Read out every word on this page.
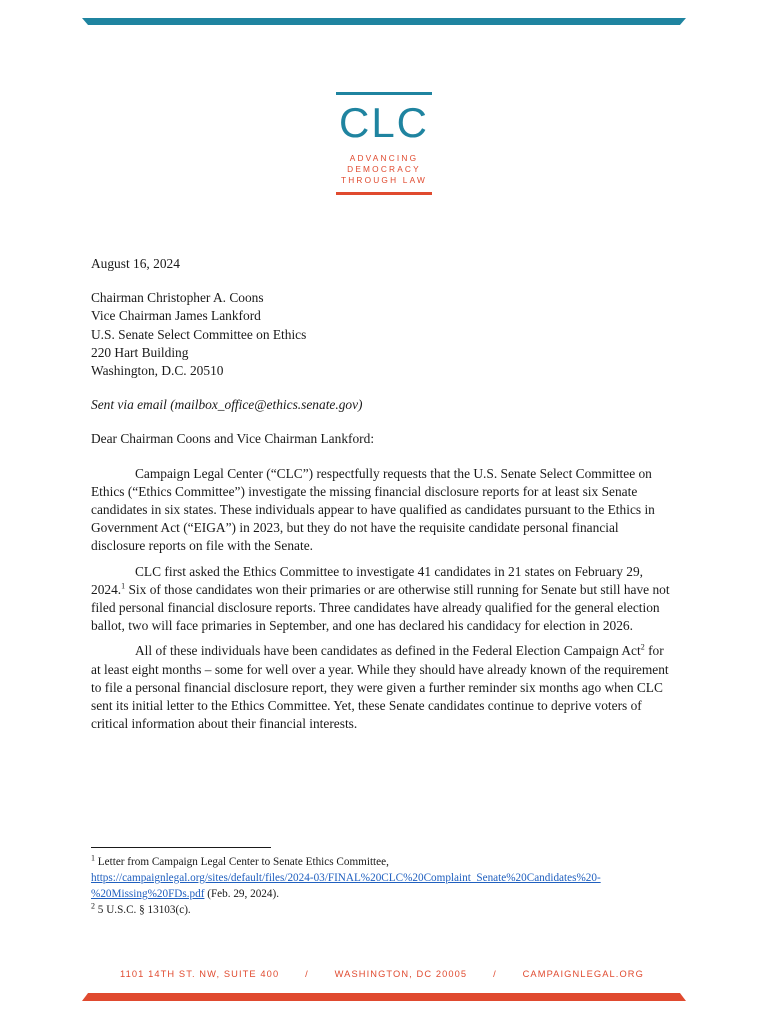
CLC
ADVANCING
DEMOCRACY
THROUGH LAW

August 16, 2024

Chairman Christopher A. Coons
Vice Chairman James Lankford
U.S. Senate Select Committee on Ethics
220 Hart Building
Washington, D.C. 20510

Sent via email (mailbox_office@ethics.senate.gov)

Dear Chairman Coons and Vice Chairman Lankford:

Campaign Legal Center (“CLC”) respectfully requests that the U.S. Senate Select Committee on Ethics (“Ethics Committee”) investigate the missing financial disclosure reports for at least six Senate candidates in six states. These individuals appear to have qualified as candidates pursuant to the Ethics in Government Act (“EIGA”) in 2023, but they do not have the requisite candidate personal financial disclosure reports on file with the Senate.

CLC first asked the Ethics Committee to investigate 41 candidates in 21 states on February 29, 2024.$^1$ Six of those candidates won their primaries or are otherwise still running for Senate but still have not filed personal financial disclosure reports. Three candidates have already qualified for the general election ballot, two will face primaries in September, and one has declared his candidacy for election in 2026.

All of these individuals have been candidates as defined in the Federal Election Campaign Act$^2$ for at least eight months – some for well over a year. While they should have already known of the requirement to file a personal financial disclosure report, they were given a further reminder six months ago when CLC sent its initial letter to the Ethics Committee. Yet, these Senate candidates continue to deprive voters of critical information about their financial interests.

$^1$ Letter from Campaign Legal Center to Senate Ethics Committee,
https://campaignlegal.org/sites/default/files/2024-03/FINAL%20CLC%20Complaint_Senate%20Candidates%20-%20Missing%20FDs.pdf (Feb. 29, 2024).

$^2$ 5 U.S.C. § 13103(c).

1101 14TH ST. NW, SUITE 400	/	WASHINGTON, DC 20005	/	CAMPAIGNLEGAL.ORG
